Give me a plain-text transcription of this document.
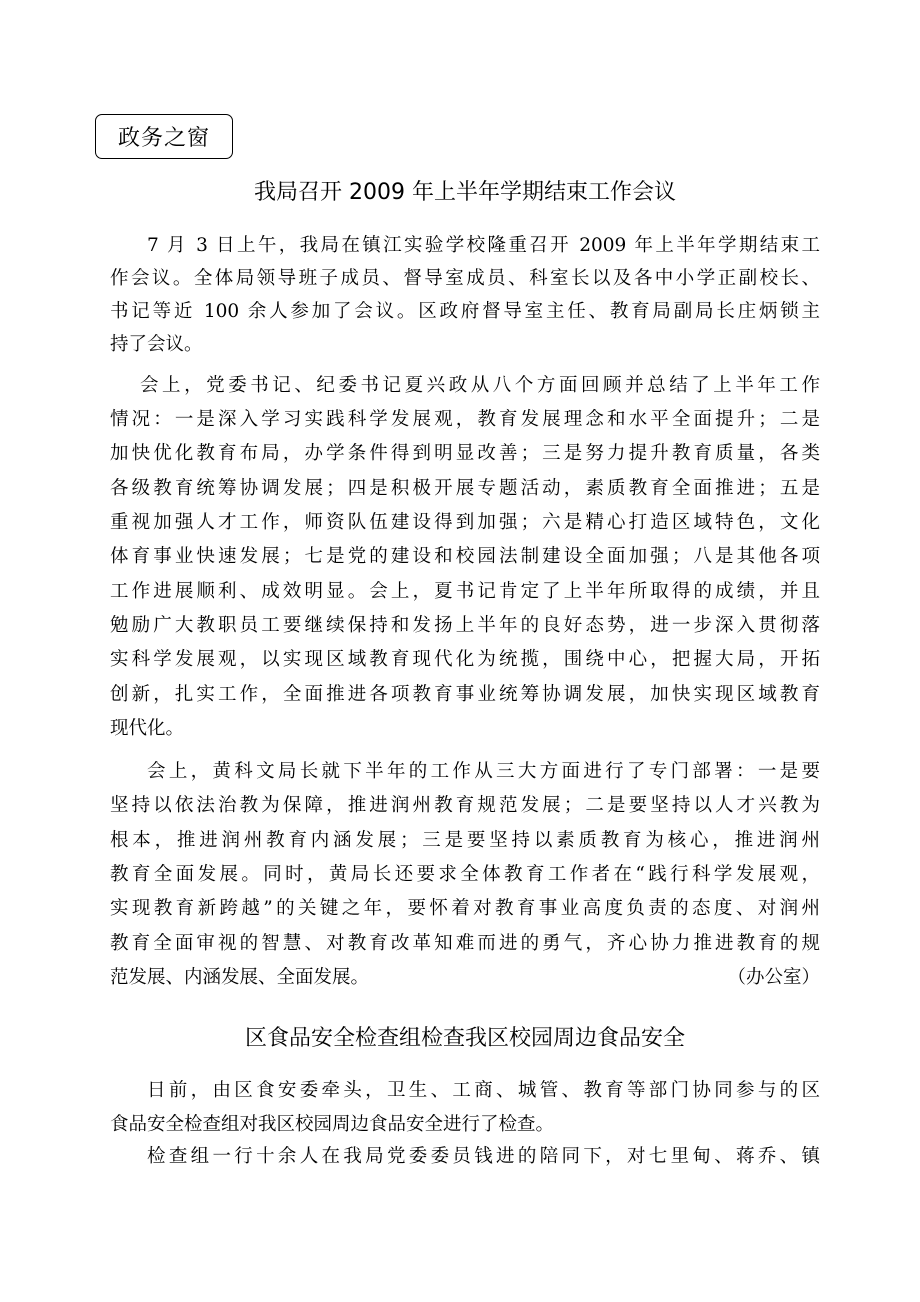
政务之窗
我局召开 2009 年上半年学期结束工作会议
7 月 3 日上午，我局在镇江实验学校隆重召开 2009 年上半年学期结束工
作会议。全体局领导班子成员、督导室成员、科室长以及各中小学正副校长、
书记等近 100 余人参加了会议。区政府督导室主任、教育局副局长庄炳锁主
持了会议。
会上，党委书记、纪委书记夏兴政从八个方面回顾并总结了上半年工作
情况：一是深入学习实践科学发展观，教育发展理念和水平全面提升；二是
加快优化教育布局，办学条件得到明显改善；三是努力提升教育质量，各类
各级教育统筹协调发展；四是积极开展专题活动，素质教育全面推进；五是
重视加强人才工作，师资队伍建设得到加强；六是精心打造区域特色，文化
体育事业快速发展；七是党的建设和校园法制建设全面加强；八是其他各项
工作进展顺利、成效明显。会上，夏书记肯定了上半年所取得的成绩，并且
勉励广大教职员工要继续保持和发扬上半年的良好态势，进一步深入贯彻落
实科学发展观，以实现区域教育现代化为统揽，围绕中心，把握大局，开拓
创新，扎实工作，全面推进各项教育事业统筹协调发展，加快实现区域教育
现代化。
会上，黄科文局长就下半年的工作从三大方面进行了专门部署：一是要
坚持以依法治教为保障，推进润州教育规范发展；二是要坚持以人才兴教为
根本，推进润州教育内涵发展；三是要坚持以素质教育为核心，推进润州
教育全面发展。同时，黄局长还要求全体教育工作者在“践行科学发展观，
实现教育新跨越”的关键之年，要怀着对教育事业高度负责的态度、对润州
教育全面审视的智慧、对教育改革知难而进的勇气，齐心协力推进教育的规
范发展、内涵发展、全面发展。	（办公室）
区食品安全检查组检查我区校园周边食品安全
日前，由区食安委牵头，卫生、工商、城管、教育等部门协同参与的区
食品安全检查组对我区校园周边食品安全进行了检查。
检查组一行十余人在我局党委委员钱进的陪同下，对七里甸、蒋乔、镇
